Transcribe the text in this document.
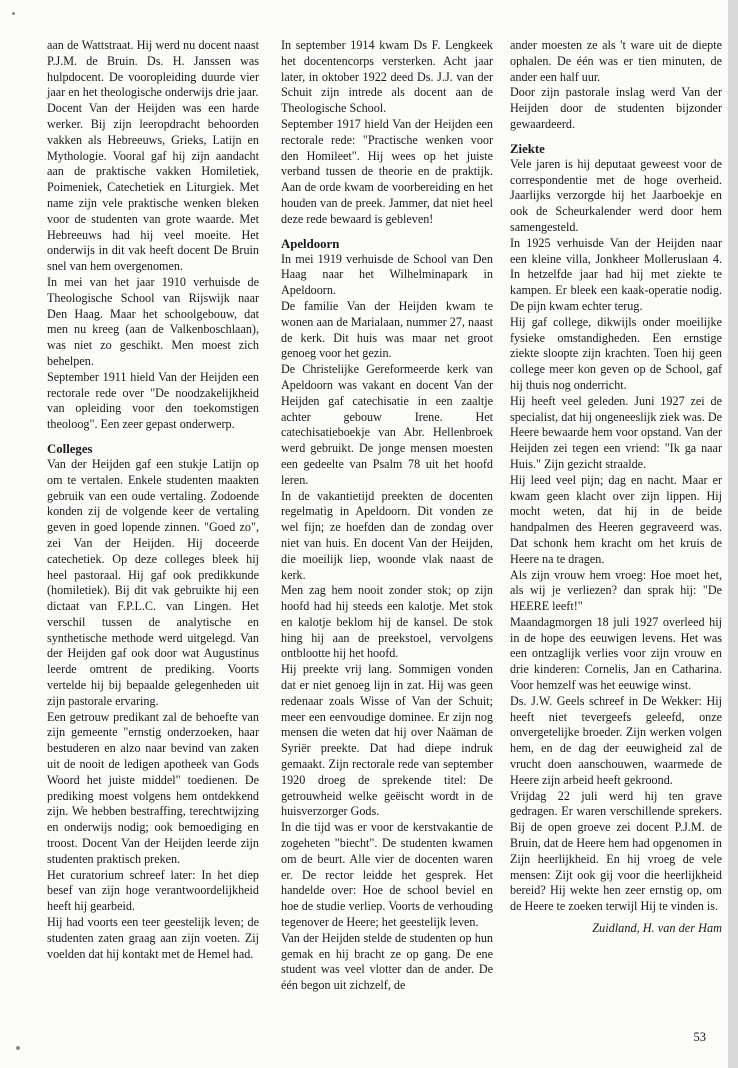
aan de Wattstraat. Hij werd nu docent naast P.J.M. de Bruin. Ds. H. Janssen was hulpdocent. De vooropleiding duurde vier jaar en het theologische onderwijs drie jaar.

Docent Van der Heijden was een harde werker. Bij zijn leeropdracht behoorden vakken als Hebreeuws, Grieks, Latijn en Mythologie. Vooral gaf hij zijn aandacht aan de praktische vakken Homiletiek, Poimeniek, Catechetiek en Liturgiek. Met name zijn vele praktische wenken bleken voor de studenten van grote waarde. Met Hebreeuws had hij veel moeite. Het onderwijs in dit vak heeft docent De Bruin snel van hem overgenomen.

In mei van het jaar 1910 verhuisde de Theologische School van Rijswijk naar Den Haag. Maar het schoolgebouw, dat men nu kreeg (aan de Valkenboschlaan), was niet zo geschikt. Men moest zich behelpen.

September 1911 hield Van der Heijden een rectorale rede over "De noodzakelijkheid van opleiding voor den toekomstigen theoloog". Een zeer gepast onderwerp.

Colleges

Van der Heijden gaf een stukje Latijn op om te vertalen. Enkele studenten maakten gebruik van een oude vertaling. Zodoende konden zij de volgende keer de vertaling geven in goed lopende zinnen. "Goed zo", zei Van der Heijden. Hij doceerde catechetiek. Op deze colleges bleek hij heel pastoraal. Hij gaf ook predikkunde (homiletiek). Bij dit vak gebruikte hij een dictaat van F.P.L.C. van Lingen. Het verschil tussen de analytische en synthetische methode werd uitgelegd. Van der Heijden gaf ook door wat Augustinus leerde omtrent de prediking. Voorts vertelde hij bij bepaalde gelegenheden uit zijn pastorale ervaring.

Een getrouw predikant zal de behoefte van zijn gemeente "ernstig onderzoeken, haar bestuderen en alzo naar bevind van zaken uit de nooit de ledigen apotheek van Gods Woord het juiste middel" toedienen. De prediking moest volgens hem ontdekkend zijn. We hebben bestraffing, terechtwijzing en onderwijs nodig; ook bemoediging en troost. Docent Van der Heijden leerde zijn studenten praktisch preken.

Het curatorium schreef later: In het diep besef van zijn hoge verantwoordelijkheid heeft hij gearbeid.

Hij had voorts een teer geestelijk leven; de studenten zaten graag aan zijn voeten. Zij voelden dat hij kontakt met de Hemel had.

In september 1914 kwam Ds F. Lengkeek het docentencorps versterken. Acht jaar later, in oktober 1922 deed Ds. J.J. van der Schuit zijn intrede als docent aan de Theologische School.

September 1917 hield Van der Heijden een rectorale rede: "Practische wenken voor den Homileet". Hij wees op het juiste verband tussen de theorie en de praktijk. Aan de orde kwam de voorbereiding en het houden van de preek. Jammer, dat niet heel deze rede bewaard is gebleven!

Apeldoorn

In mei 1919 verhuisde de School van Den Haag naar het Wilhelminapark in Apeldoorn.

De familie Van der Heijden kwam te wonen aan de Marialaan, nummer 27, naast de kerk. Dit huis was maar net groot genoeg voor het gezin.

De Christelijke Gereformeerde kerk van Apeldoorn was vakant en docent Van der Heijden gaf catechisatie in een zaaltje achter gebouw Irene. Het catechisatieboekje van Abr. Hellenbroek werd gebruikt. De jonge mensen moesten een gedeelte van Psalm 78 uit het hoofd leren.

In de vakantietijd preekten de docenten regelmatig in Apeldoorn. Dit vonden ze wel fijn; ze hoefden dan de zondag over niet van huis. En docent Van der Heijden, die moeilijk liep, woonde vlak naast de kerk.

Men zag hem nooit zonder stok; op zijn hoofd had hij steeds een kalotje. Met stok en kalotje beklom hij de kansel. De stok hing hij aan de preekstoel, vervolgens ontblootte hij het hoofd.

Hij preekte vrij lang. Sommigen vonden dat er niet genoeg lijn in zat. Hij was geen redenaar zoals Wisse of Van der Schuit; meer een eenvoudige dominee. Er zijn nog mensen die weten dat hij over Naäman de Syriër preekte. Dat had diepe indruk gemaakt. Zijn rectorale rede van september 1920 droeg de sprekende titel: De getrouwheid welke geëischt wordt in de huisverzorger Gods.

In die tijd was er voor de kerstvakantie de zogeheten "biecht". De studenten kwamen om de beurt. Alle vier de docenten waren er. De rector leidde het gesprek. Het handelde over: Hoe de school beviel en hoe de studie verliep. Voorts de verhouding tegenover de Heere; het geestelijk leven.

Van der Heijden stelde de studenten op hun gemak en hij bracht ze op gang. De ene student was veel vlotter dan de ander. De één begon uit zichzelf, de

ander moesten ze als 't ware uit de diepte ophalen. De één was er tien minuten, de ander een half uur.

Door zijn pastorale inslag werd Van der Heijden door de studenten bijzonder gewaardeerd.

Ziekte

Vele jaren is hij deputaat geweest voor de correspondentie met de hoge overheid. Jaarlijks verzorgde hij het Jaarboekje en ook de Scheurkalender werd door hem samengesteld.

In 1925 verhuisde Van der Heijden naar een kleine villa, Jonkheer Molleruslaan 4. In hetzelfde jaar had hij met ziekte te kampen. Er bleek een kaak-operatie nodig. De pijn kwam echter terug.

Hij gaf college, dikwijls onder moeilijke fysieke omstandigheden. Een ernstige ziekte sloopte zijn krachten. Toen hij geen college meer kon geven op de School, gaf hij thuis nog onderricht.

Hij heeft veel geleden. Juni 1927 zei de specialist, dat hij ongeneeslijk ziek was. De Heere bewaarde hem voor opstand. Van der Heijden zei tegen een vriend: "Ik ga naar Huis." Zijn gezicht straalde.

Hij leed veel pijn; dag en nacht. Maar er kwam geen klacht over zijn lippen. Hij mocht weten, dat hij in de beide handpalmen des Heeren gegraveerd was. Dat schonk hem kracht om het kruis de Heere na te dragen.

Als zijn vrouw hem vroeg: Hoe moet het, als wij je verliezen? dan sprak hij: "De HEERE leeft!"

Maandagmorgen 18 juli 1927 overleed hij in de hope des eeuwigen levens. Het was een ontzaglijk verlies voor zijn vrouw en drie kinderen: Cornelis, Jan en Catharina. Voor hemzelf was het eeuwige winst.

Ds. J.W. Geels schreef in De Wekker: Hij heeft niet tevergeefs geleefd, onze onvergetelijke broeder. Zijn werken volgen hem, en de dag der eeuwigheid zal de vrucht doen aanschouwen, waarmede de Heere zijn arbeid heeft gekroond.

Vrijdag 22 juli werd hij ten grave gedragen. Er waren verschillende sprekers. Bij de open groeve zei docent P.J.M. de Bruin, dat de Heere hem had opgenomen in Zijn heerlijkheid. En hij vroeg de vele mensen: Zijt ook gij voor die heerlijkheid bereid? Hij wekte hen zeer ernstig op, om de Heere te zoeken terwijl Hij te vinden is.

Zuidland, H. van der Ham

53
